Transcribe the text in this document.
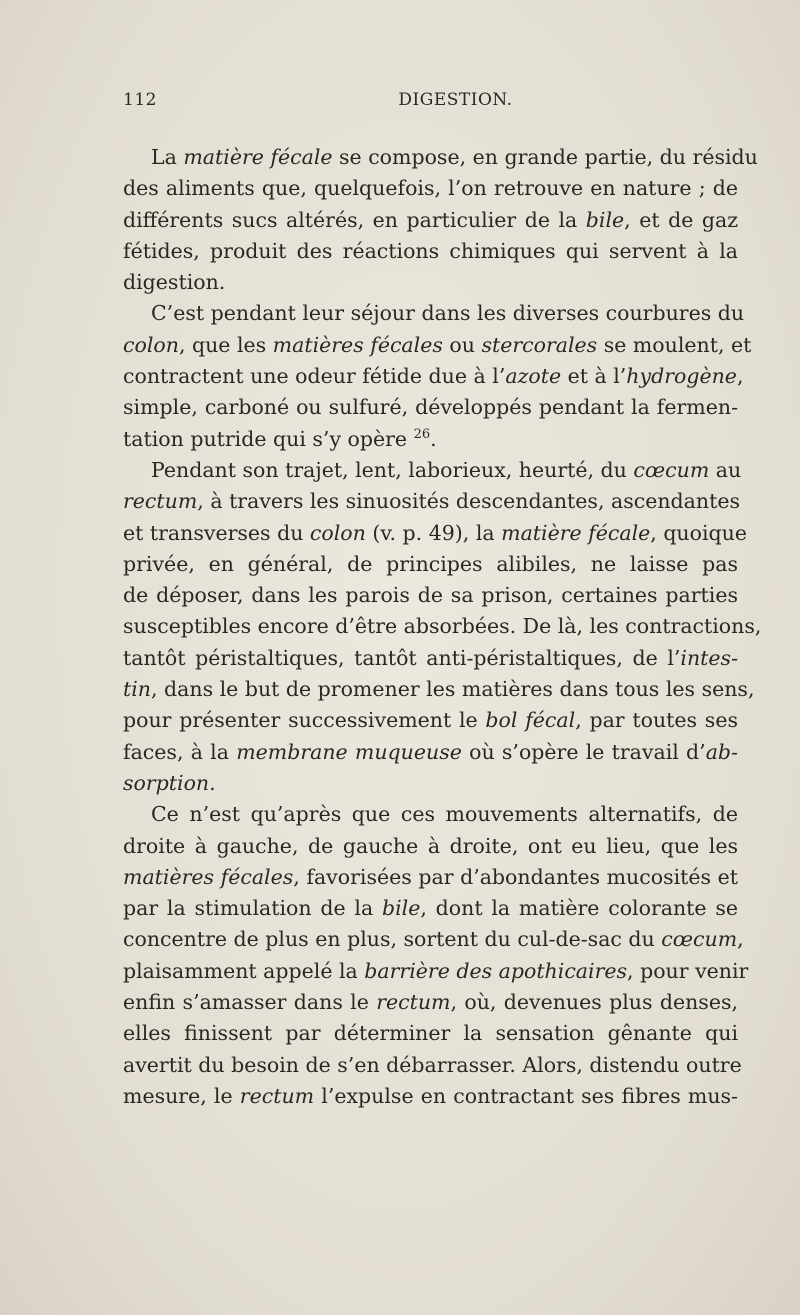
112	DIGESTION.
La matière fécale se compose, en grande partie, du résidu
des aliments que, quelquefois, l’on retrouve en nature ; de
différents sucs altérés, en particulier de la bile, et de gaz
fétides, produit des réactions chimiques qui servent à la
digestion.
C’est pendant leur séjour dans les diverses courbures du
colon, que les matières fécales ou stercorales se moulent, et
contractent une odeur fétide due à l’azote et à l’hydrogène,
simple, carboné ou sulfuré, développés pendant la fermen-
tation putride qui s’y opère $^{26}$.
Pendant son trajet, lent, laborieux, heurté, du cœcum au
rectum, à travers les sinuosités descendantes, ascendantes
et transverses du colon (v. p. 49), la matière fécale, quoique
privée, en général, de principes alibiles, ne laisse pas
de déposer, dans les parois de sa prison, certaines parties
susceptibles encore d’être absorbées. De là, les contractions,
tantôt péristaltiques, tantôt anti-péristaltiques, de l’intes-
tin, dans le but de promener les matières dans tous les sens,
pour présenter successivement le bol fécal, par toutes ses
faces, à la membrane muqueuse où s’opère le travail d’ab-
sorption.
Ce n’est qu’après que ces mouvements alternatifs, de
droite à gauche, de gauche à droite, ont eu lieu, que les
matières fécales, favorisées par d’abondantes mucosités et
par la stimulation de la bile, dont la matière colorante se
concentre de plus en plus, sortent du cul-de-sac du cœcum,
plaisamment appelé la barrière des apothicaires, pour venir
enfin s’amasser dans le rectum, où, devenues plus denses,
elles finissent par déterminer la sensation gênante qui
avertit du besoin de s’en débarrasser. Alors, distendu outre
mesure, le rectum l’expulse en contractant ses fibres mus-
